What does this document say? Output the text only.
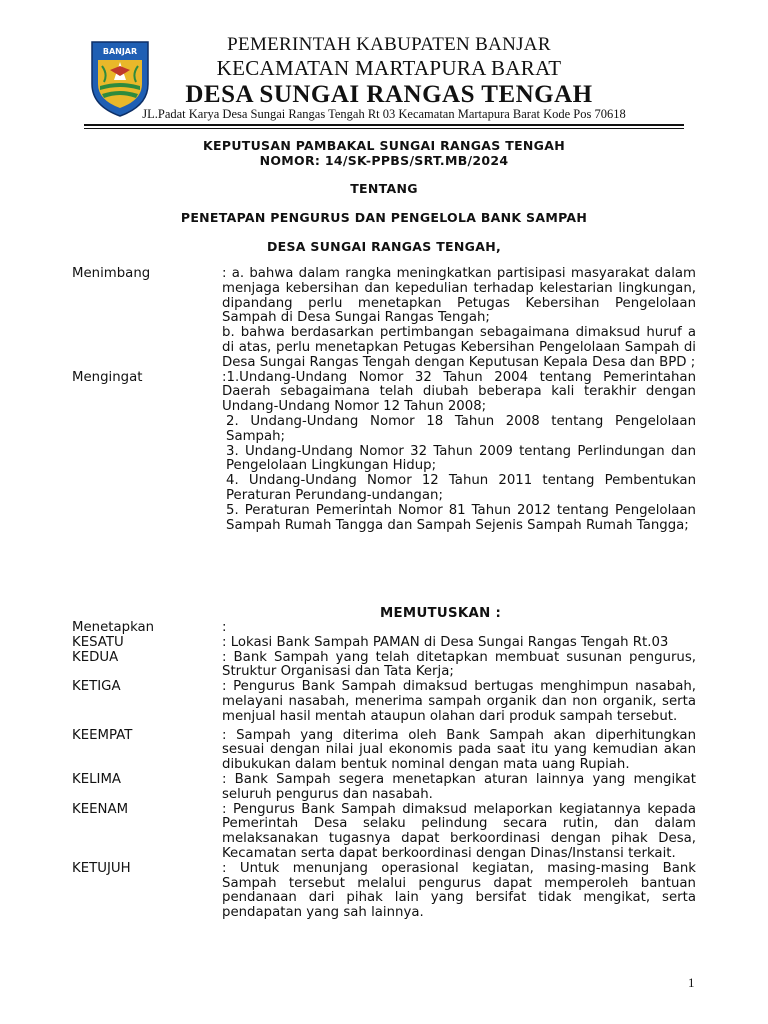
BANJAR	PEMERINTAH KABUPATEN BANJAR
KECAMATAN MARTAPURA BARAT
DESA SUNGAI RANGAS TENGAH
JL.Padat Karya Desa Sungai Rangas Tengah Rt 03 Kecamatan Martapura Barat Kode Pos 70618
KEPUTUSAN PAMBAKAL SUNGAI RANGAS TENGAH
NOMOR: 14/SK-PPBS/SRT.MB/2024
TENTANG
PENETAPAN PENGURUS DAN PENGELOLA BANK SAMPAH
DESA SUNGAI RANGAS TENGAH,
Menimbang	: a. bahwa dalam rangka meningkatkan partisipasi masyarakat dalam menjaga kebersihan dan kepedulian terhadap kelestarian lingkungan, dipandang perlu menetapkan Petugas Kebersihan Pengelolaan Sampah di Desa Sungai Rangas Tengah;

b. bahwa berdasarkan pertimbangan sebagaimana dimaksud huruf a di atas, perlu menetapkan Petugas Kebersihan Pengelolaan Sampah di Desa Sungai Rangas Tengah dengan Keputusan Kepala Desa dan BPD ;

Mengingat	:1.Undang-Undang Nomor 32 Tahun 2004 tentang Pemerintahan Daerah sebagaimana telah diubah beberapa kali terakhir dengan Undang-Undang Nomor 12 Tahun 2008;

2. Undang-Undang Nomor 18 Tahun 2008 tentang Pengelolaan Sampah;

3. Undang-Undang Nomor 32 Tahun 2009 tentang Perlindungan dan Pengelolaan Lingkungan Hidup;

4. Undang-Undang Nomor 12 Tahun 2011 tentang Pembentukan Peraturan Perundang-undangan;

5. Peraturan Pemerintah Nomor 81 Tahun 2012 tentang Pengelolaan Sampah Rumah Tangga dan Sampah Sejenis Sampah Rumah Tangga;

MEMUTUSKAN :
Menetapkan	:

KESATU	: Lokasi Bank Sampah PAMAN di Desa Sungai Rangas Tengah Rt.03

KEDUA	: Bank Sampah yang telah ditetapkan membuat susunan pengurus, Struktur Organisasi dan Tata Kerja;

KETIGA	: Pengurus Bank Sampah dimaksud bertugas menghimpun nasabah, melayani nasabah, menerima sampah organik dan non organik, serta menjual hasil mentah ataupun olahan dari produk sampah tersebut.

KEEMPAT	: Sampah yang diterima oleh Bank Sampah akan diperhitungkan sesuai dengan nilai jual ekonomis pada saat itu yang kemudian akan dibukukan dalam bentuk nominal dengan mata uang Rupiah.

KELIMA	: Bank Sampah segera menetapkan aturan lainnya yang mengikat seluruh pengurus dan nasabah.

KEENAM	: Pengurus Bank Sampah dimaksud melaporkan kegiatannya kepada Pemerintah Desa selaku pelindung secara rutin, dan dalam melaksanakan tugasnya dapat berkoordinasi dengan pihak Desa, Kecamatan serta dapat berkoordinasi dengan Dinas/Instansi terkait.

KETUJUH	: Untuk menunjang operasional kegiatan, masing-masing Bank Sampah tersebut melalui pengurus dapat memperoleh bantuan pendanaan dari pihak lain yang bersifat tidak mengikat, serta pendapatan yang sah lainnya.

1
